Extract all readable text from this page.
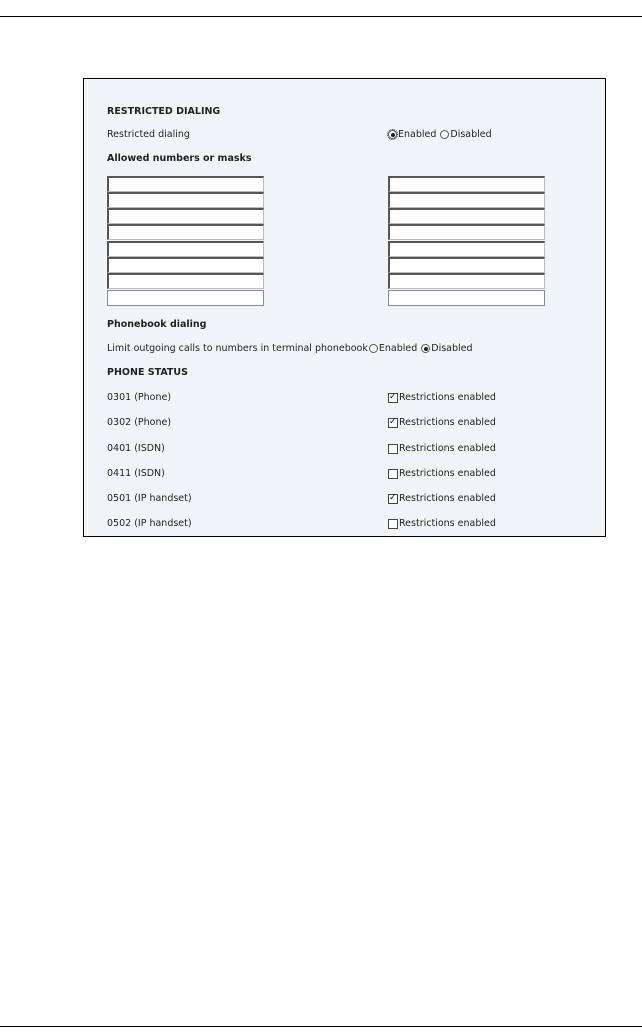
RESTRICTED DIALING
Restricted dialing	Enabled Disabled
Allowed numbers or masks
Phonebook dialing
Limit outgoing calls to numbers in terminal phonebook Enabled Disabled
PHONE STATUS
0301 (Phone)	✓ Restrictions enabled
0302 (Phone)	✓ Restrictions enabled
0401 (ISDN)	Restrictions enabled
0411 (ISDN)	Restrictions enabled
0501 (IP handset)	✓ Restrictions enabled
0502 (IP handset)	Restrictions enabled
